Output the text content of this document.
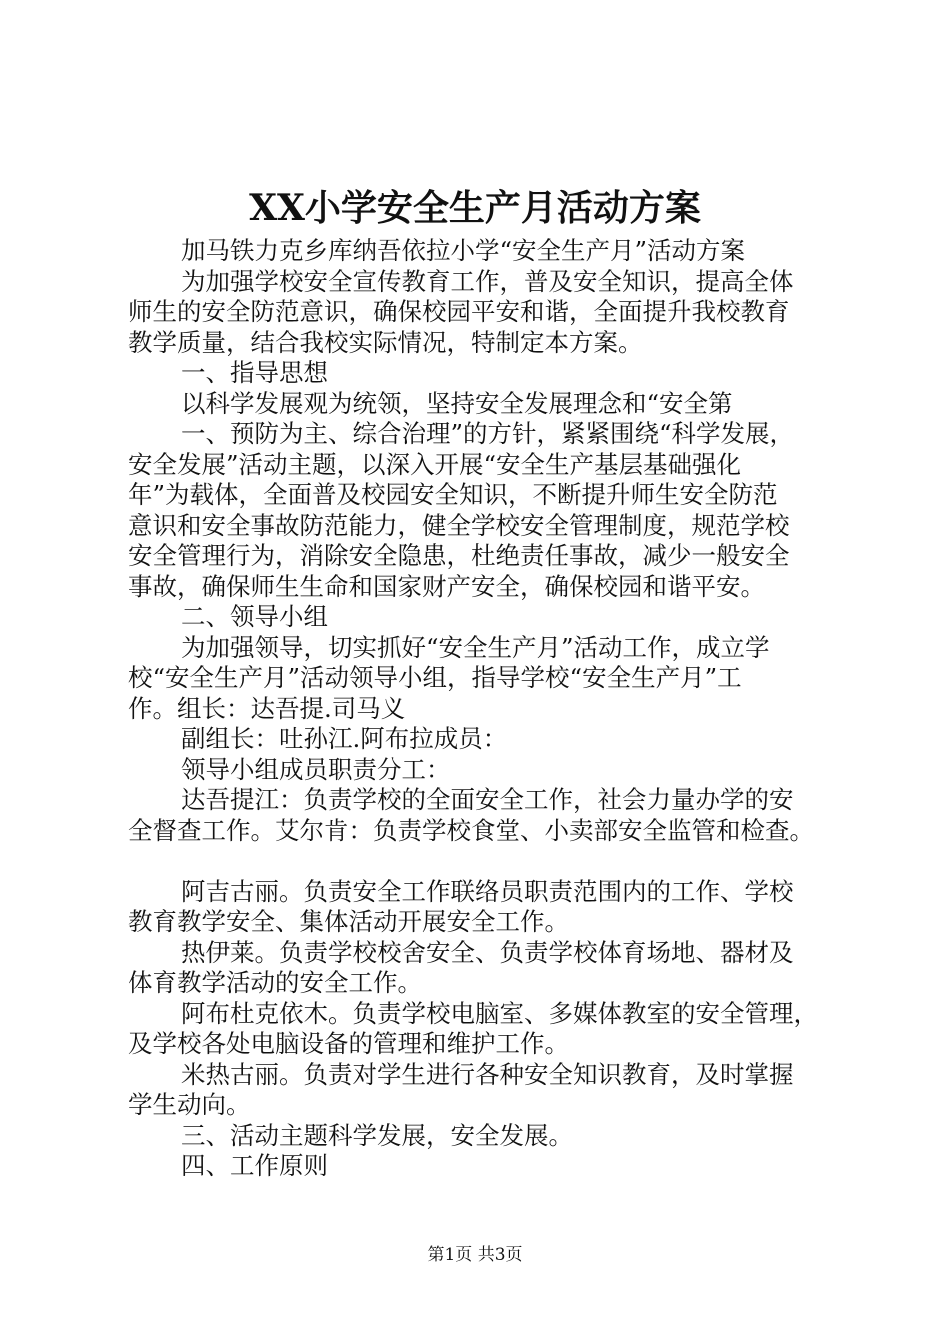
XX小学安全生产月活动方案
加马铁力克乡库纳吾依拉小学“安全生产月”活动方案
为加强学校安全宣传教育工作，普及安全知识，提高全体
师生的安全防范意识，确保校园平安和谐，全面提升我校教育
教学质量，结合我校实际情况，特制定本方案。
一、指导思想
以科学发展观为统领，坚持安全发展理念和“安全第
一、预防为主、综合治理”的方针，紧紧围绕“科学发展，
安全发展”活动主题，以深入开展“安全生产基层基础强化
年”为载体，全面普及校园安全知识，不断提升师生安全防范
意识和安全事故防范能力，健全学校安全管理制度，规范学校
安全管理行为，消除安全隐患，杜绝责任事故，减少一般安全
事故，确保师生生命和国家财产安全，确保校园和谐平安。
二、领导小组
为加强领导，切实抓好“安全生产月”活动工作，成立学
校“安全生产月”活动领导小组，指导学校“安全生产月”工
作。组长：达吾提.司马义
副组长：吐孙江.阿布拉成员：
领导小组成员职责分工：
达吾提江：负责学校的全面安全工作，社会力量办学的安
全督查工作。艾尔肯：负责学校食堂、小卖部安全监管和检查。
阿吉古丽。负责安全工作联络员职责范围内的工作、学校
教育教学安全、集体活动开展安全工作。
热伊莱。负责学校校舍安全、负责学校体育场地、器材及
体育教学活动的安全工作。
阿布杜克依木。负责学校电脑室、多媒体教室的安全管理，
及学校各处电脑设备的管理和维护工作。
米热古丽。负责对学生进行各种安全知识教育，及时掌握
学生动向。
三、活动主题科学发展，安全发展。
四、工作原则
第1页 共3页
